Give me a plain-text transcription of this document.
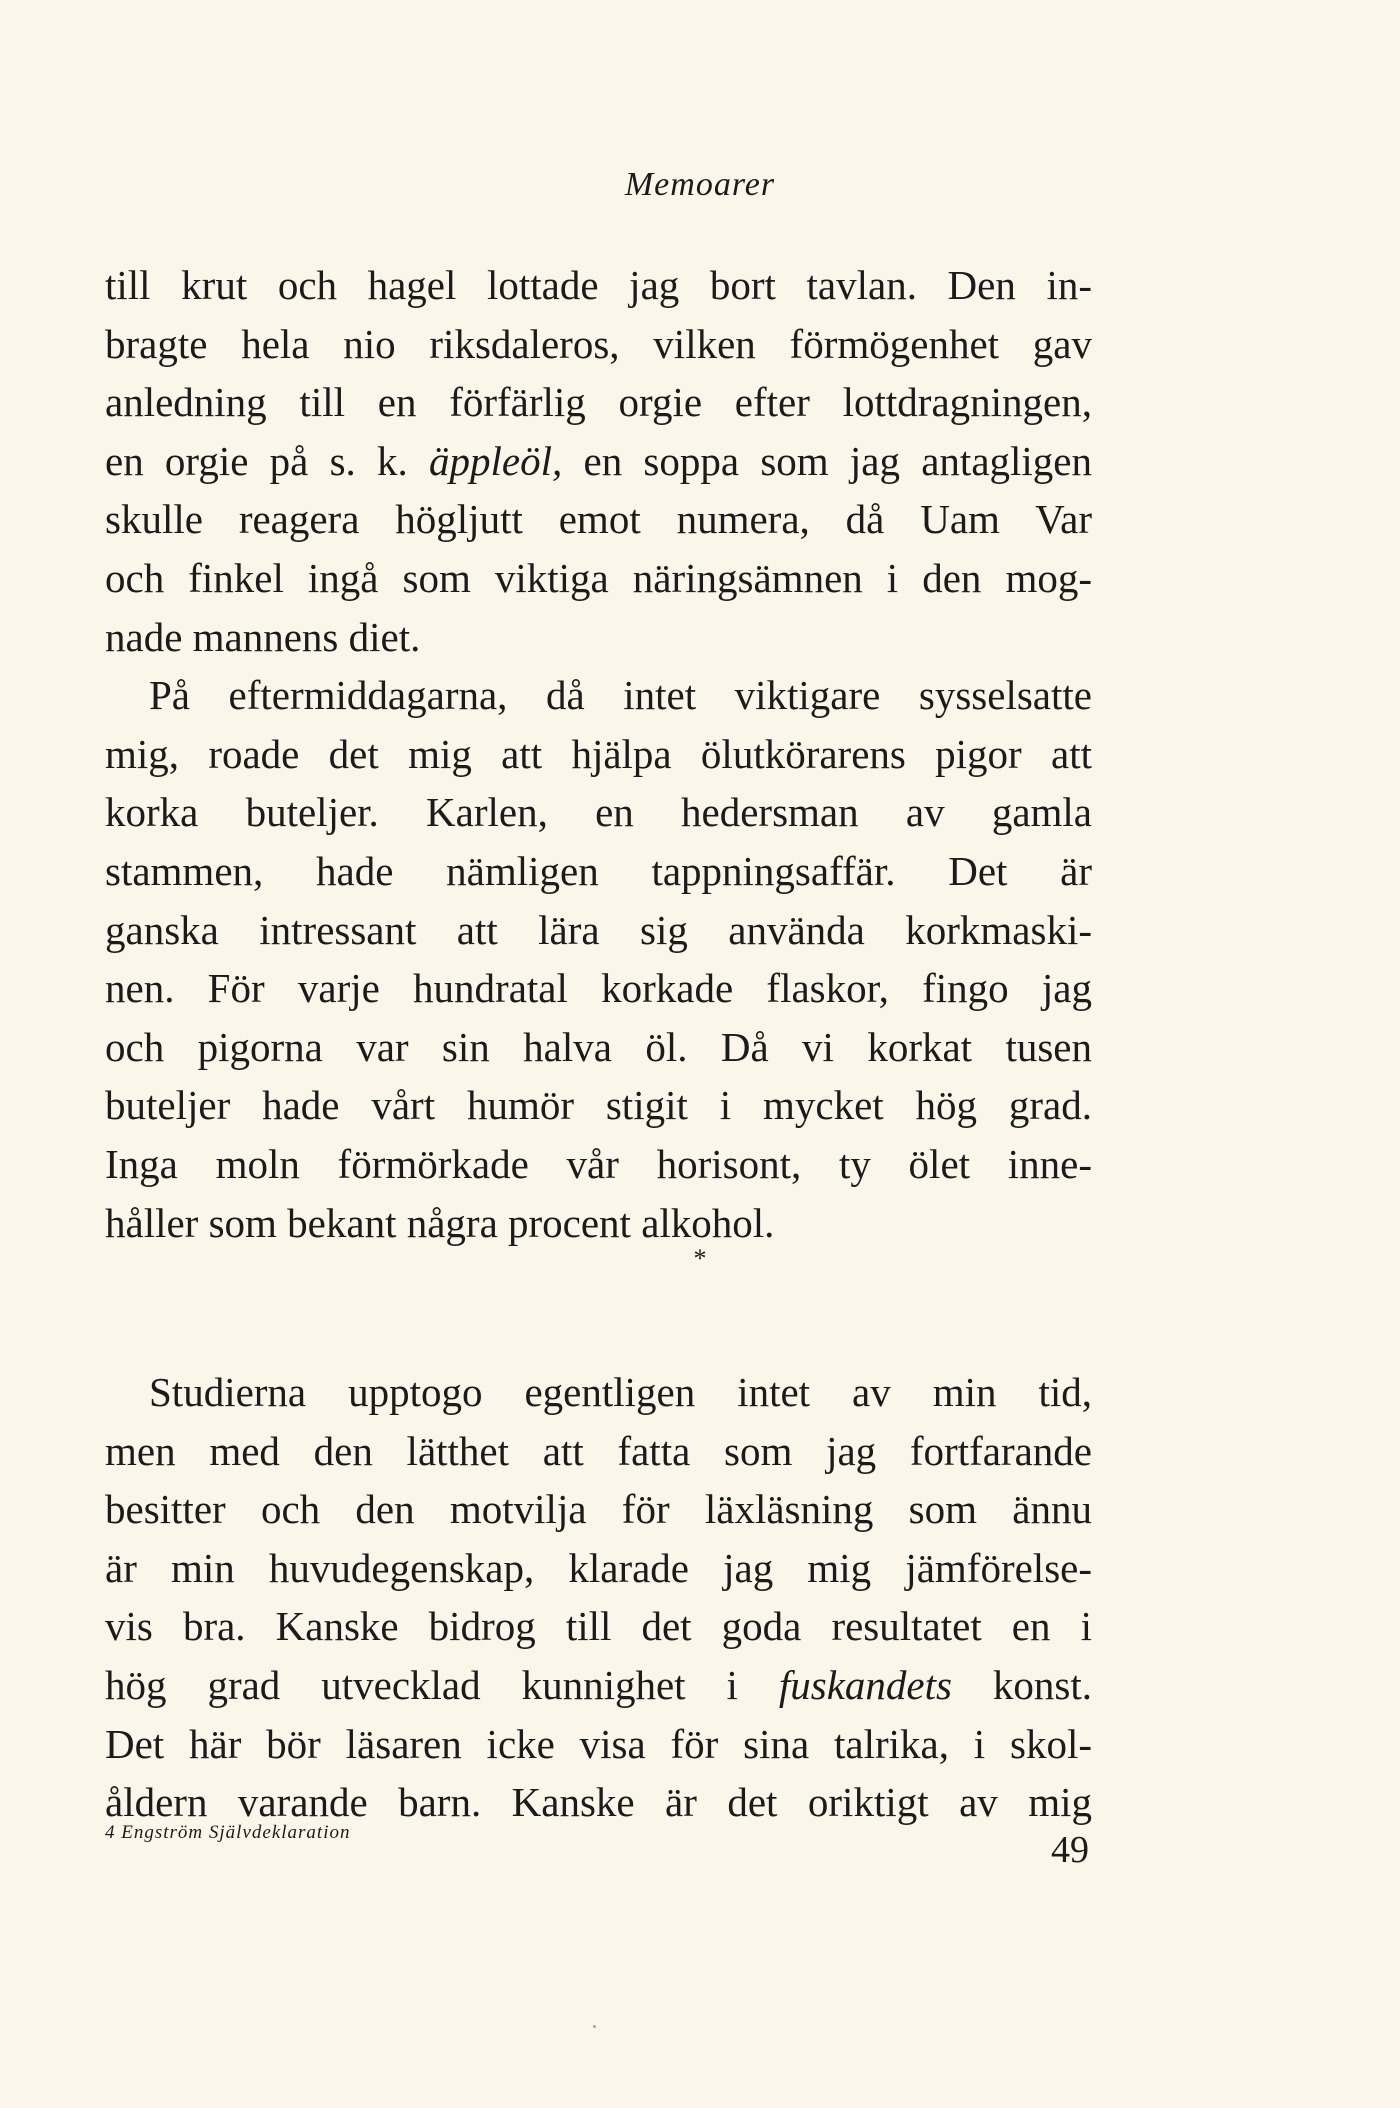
Memoarer

till krut och hagel lottade jag bort tavlan. Den in-
bragte hela nio riksdaleros, vilken förmögenhet gav
anledning till en förfärlig orgie efter lottdragningen,
en orgie på s. k. äppleöl, en soppa som jag antagligen
skulle reagera högljutt emot numera, då Uam Var
och finkel ingå som viktiga näringsämnen i den mog-
nade mannens diet.

På eftermiddagarna, då intet viktigare sysselsatte
mig, roade det mig att hjälpa ölutkörarens pigor att
korka buteljer. Karlen, en hedersman av gamla
stammen, hade nämligen tappningsaffär. Det är
ganska intressant att lära sig använda korkmaski-
nen. För varje hundratal korkade flaskor, fingo jag
och pigorna var sin halva öl. Då vi korkat tusen
buteljer hade vårt humör stigit i mycket hög grad.
Inga moln förmörkade vår horisont, ty ölet inne-
håller som bekant några procent alkohol.

*

Studierna upptogo egentligen intet av min tid,
men med den lätthet att fatta som jag fortfarande
besitter och den motvilja för läxläsning som ännu
är min huvudegenskap, klarade jag mig jämförelse-
vis bra. Kanske bidrog till det goda resultatet en i
hög grad utvecklad kunnighet i fuskandets konst.
Det här bör läsaren icke visa för sina talrika, i skol-
åldern varande barn. Kanske är det oriktigt av mig

4 Engström Självdeklaration	49
